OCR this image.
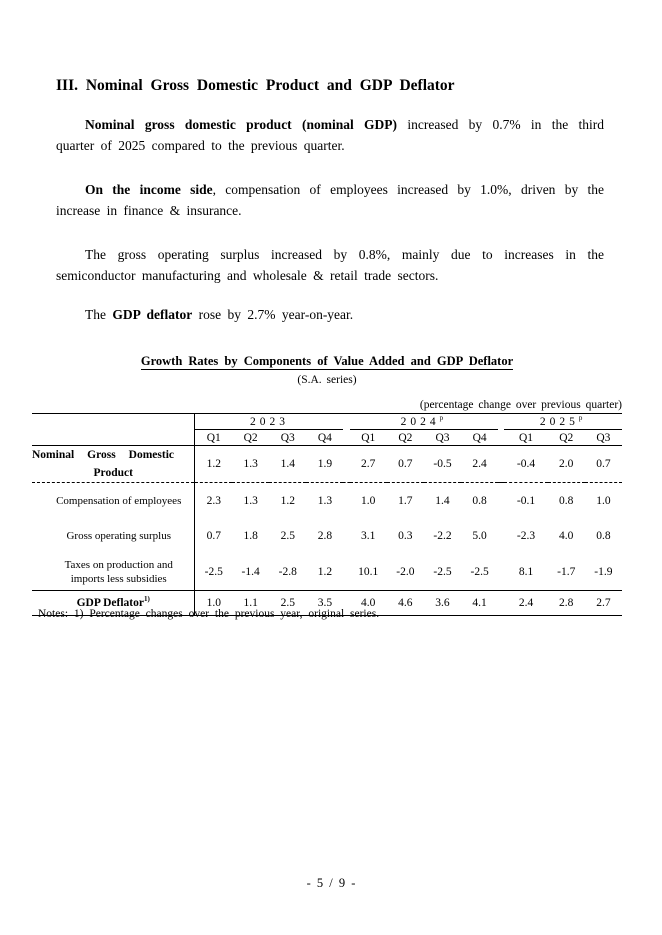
III. Nominal Gross Domestic Product and GDP Deflator
Nominal gross domestic product (nominal GDP) increased by 0.7% in the third quarter of 2025 compared to the previous quarter.
On the income side, compensation of employees increased by 1.0%, driven by the increase in finance & insurance.
The gross operating surplus increased by 0.8%, mainly due to increases in the semiconductor manufacturing and wholesale & retail trade sectors.
The GDP deflator rose by 2.7% year-on-year.
Growth Rates by Components of Value Added and GDP Deflator
(S.A. series)
(percentage change over previous quarter)
	2023					2024$^p$					2025$^p$
	Q1	Q2	Q3	Q4		Q1	Q2	Q3	Q4		Q1	Q2	Q3

Nominal Gross Domestic
Product	1.2	1.3	1.4	1.9		2.7	0.7	-0.5	2.4		-0.4	2.0	0.7
Compensation of employees	2.3	1.3	1.2	1.3		1.0	1.7	1.4	0.8		-0.1	0.8	1.0
Gross operating surplus	0.7	1.8	2.5	2.8		3.1	0.3	-2.2	5.0		-2.3	4.0	0.8

Taxes on production and
imports less subsidies	-2.5	-1.4	-2.8	1.2		10.1	-2.0	-2.5	-2.5		8.1	-1.7	-1.9
GDP Deflator$^{1)}$	1.0	1.1	2.5	3.5		4.0	4.6	3.6	4.1		2.4	2.8	2.7
Notes: 1) Percentage changes over the previous year, original series.
- 5 / 9 -
